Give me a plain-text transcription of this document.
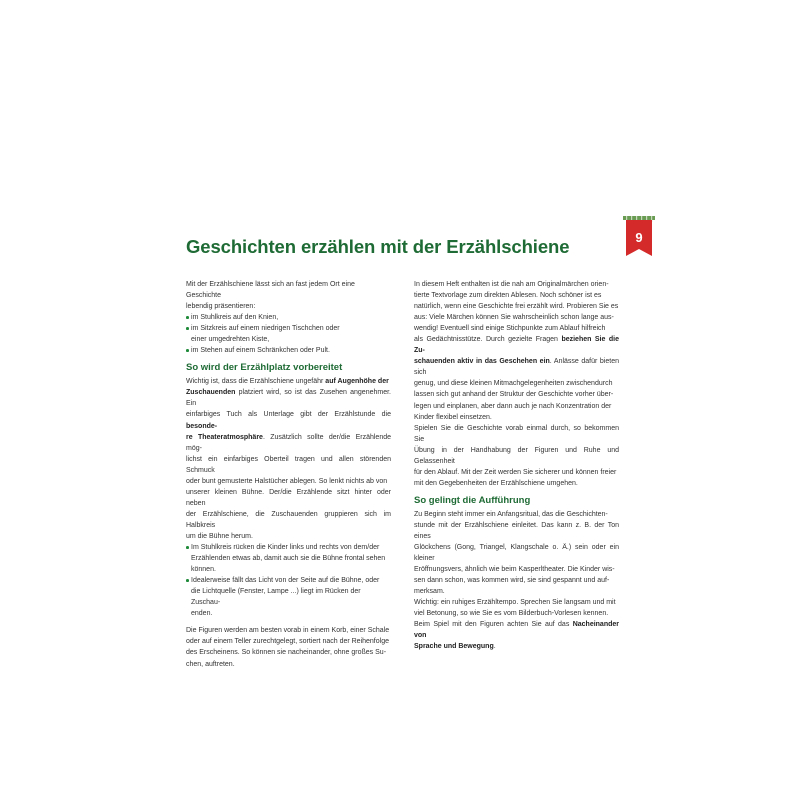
Geschichten erzählen mit der Erzählschiene	9

Mit der Erzählschiene lässt sich an fast jedem Ort eine Geschichte
lebendig präsentieren:

im Stuhlkreis auf den Knien,
im Sitzkreis auf einem niedrigen Tischchen oder
einer umgedrehten Kiste,
im Stehen auf einem Schränkchen oder Pult.
So wird der Erzählplatz vorbereitet

Wichtig ist, dass die Erzählschiene ungefähr auf Augenhöhe der
Zuschauenden platziert wird, so ist das Zusehen angenehmer. Ein
einfarbiges Tuch als Unterlage gibt der Erzählstunde die besonde-
re Theateratmosphäre. Zusätzlich sollte der/die Erzählende mög-
lichst ein einfarbiges Oberteil tragen und allen störenden Schmuck
oder bunt gemusterte Halstücher ablegen. So lenkt nichts ab von
unserer kleinen Bühne. Der/die Erzählende sitzt hinter oder neben
der Erzählschiene, die Zuschauenden gruppieren sich im Halbkreis
um die Bühne herum.

Im Stuhlkreis rücken die Kinder links und rechts von dem/der
Erzählenden etwas ab, damit auch sie die Bühne frontal sehen
können.
Idealerweise fällt das Licht von der Seite auf die Bühne, oder
die Lichtquelle (Fenster, Lampe ...) liegt im Rücken der Zuschau-
enden.

Die Figuren werden am besten vorab in einem Korb, einer Schale
oder auf einem Teller zurechtgelegt, sortiert nach der Reihenfolge
des Erscheinens. So können sie nacheinander, ohne großes Su-
chen, auftreten.

In diesem Heft enthalten ist die nah am Originalmärchen orien-
tierte Textvorlage zum direkten Ablesen. Noch schöner ist es
natürlich, wenn eine Geschichte frei erzählt wird. Probieren Sie es
aus: Viele Märchen können Sie wahrscheinlich schon lange aus-
wendig! Eventuell sind einige Stichpunkte zum Ablauf hilfreich
als Gedächtnisstütze. Durch gezielte Fragen beziehen Sie die Zu-
schauenden aktiv in das Geschehen ein. Anlässe dafür bieten sich
genug, und diese kleinen Mitmachgelegenheiten zwischendurch
lassen sich gut anhand der Struktur der Geschichte vorher über-
legen und einplanen, aber dann auch je nach Konzentration der
Kinder flexibel einsetzen.
Spielen Sie die Geschichte vorab einmal durch, so bekommen Sie
Übung in der Handhabung der Figuren und Ruhe und Gelassenheit
für den Ablauf. Mit der Zeit werden Sie sicherer und können freier
mit den Gegebenheiten der Erzählschiene umgehen.

So gelingt die Aufführung

Zu Beginn steht immer ein Anfangsritual, das die Geschichten-
stunde mit der Erzählschiene einleitet. Das kann z. B. der Ton eines
Glöckchens (Gong, Triangel, Klangschale o. Ä.) sein oder ein kleiner
Eröffnungsvers, ähnlich wie beim Kasperltheater. Die Kinder wis-
sen dann schon, was kommen wird, sie sind gespannt und auf-
merksam.
Wichtig: ein ruhiges Erzähltempo. Sprechen Sie langsam und mit
viel Betonung, so wie Sie es vom Bilderbuch-Vorlesen kennen.
Beim Spiel mit den Figuren achten Sie auf das Nacheinander von
Sprache und Bewegung.
